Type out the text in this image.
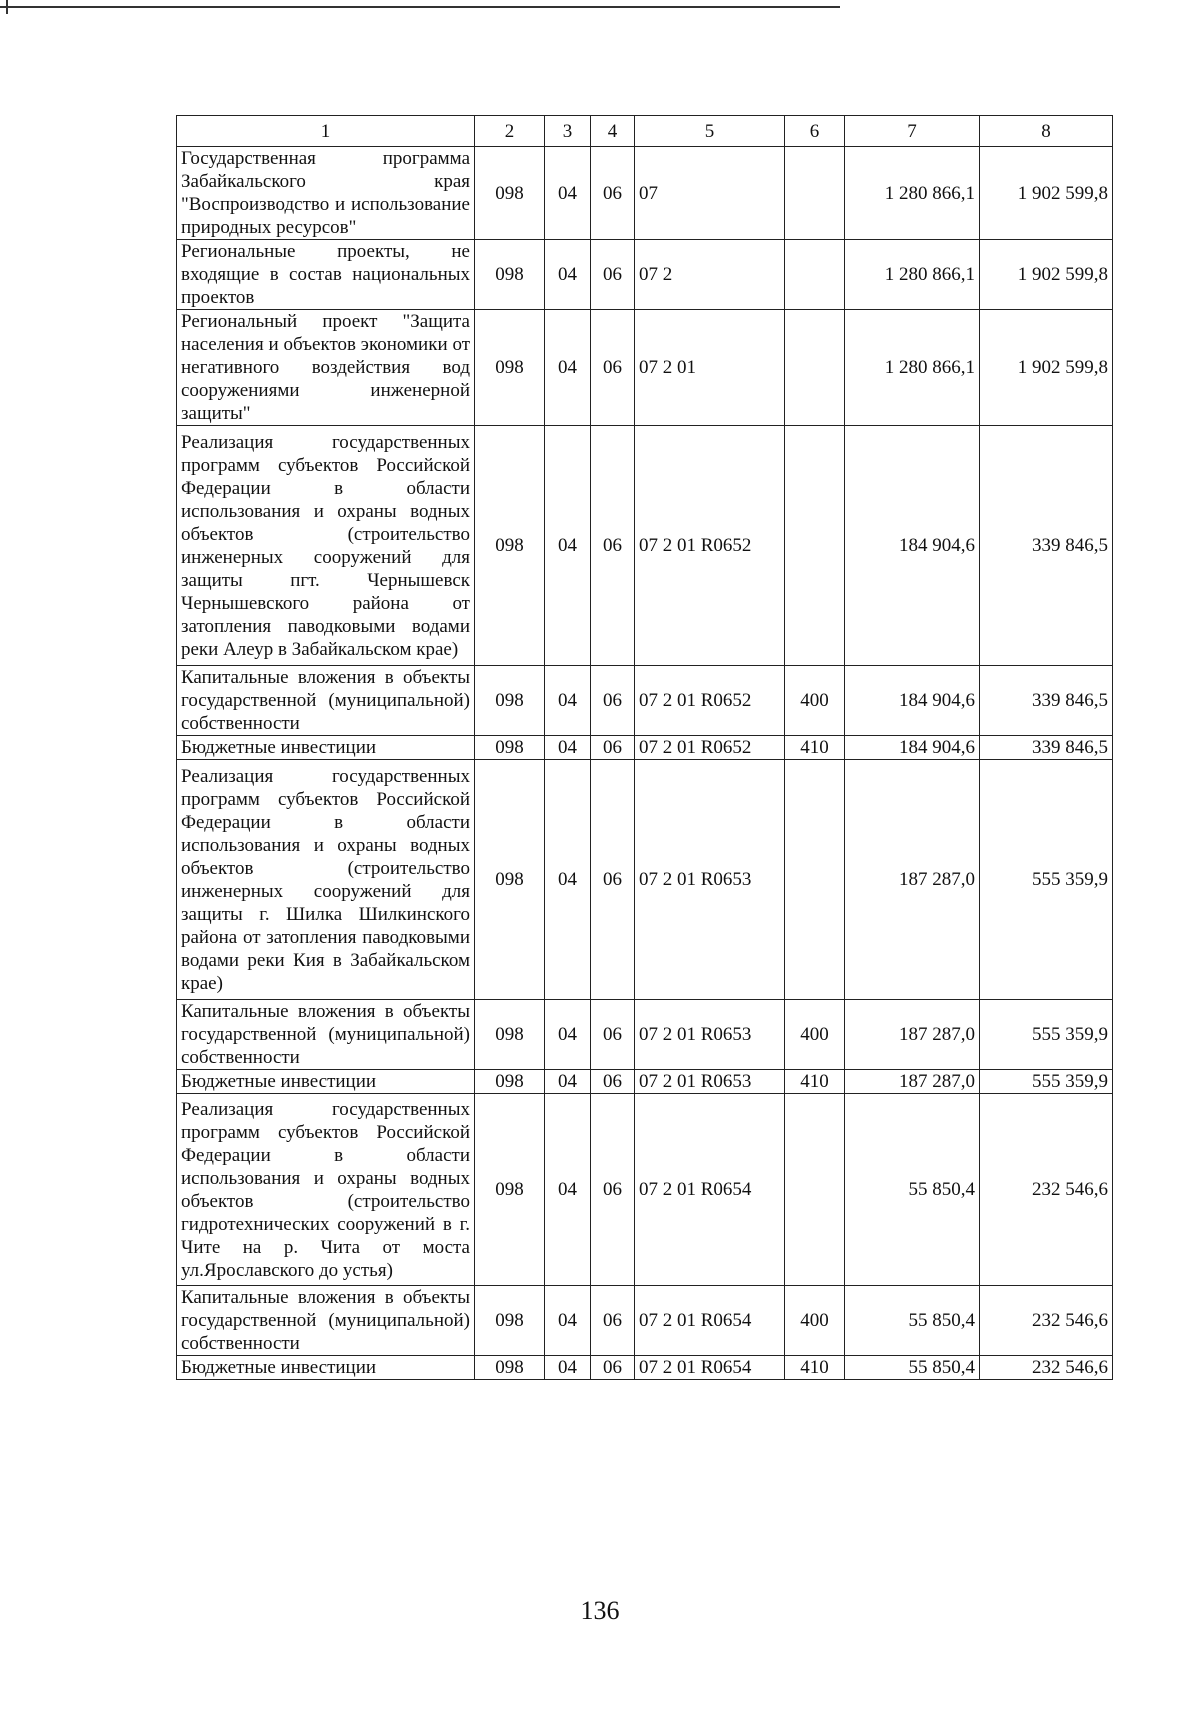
1	2	3	4	5	6	7	8
Государственная программа Забайкальского края "Воспроизводство и использование природных ресурсов"	098	04	06	07		1 280 866,1	1 902 599,8
Региональные проекты, не входящие в состав национальных проектов	098	04	06	07 2		1 280 866,1	1 902 599,8
Региональный проект "Защита населения и объектов экономики от негативного воздействия вод сооружениями инженерной защиты"	098	04	06	07 2 01		1 280 866,1	1 902 599,8
Реализация государственных программ субъектов Российской Федерации в области использования и охраны водных объектов (строительство инженерных сооружений для защиты пгт. Чернышевск Чернышевского района от затопления паводковыми водами реки Алеур в Забайкальском крае)	098	04	06	07 2 01 R0652		184 904,6	339 846,5
Капитальные вложения в объекты государственной (муниципальной) собственности	098	04	06	07 2 01 R0652	400	184 904,6	339 846,5
Бюджетные инвестиции	098	04	06	07 2 01 R0652	410	184 904,6	339 846,5
Реализация государственных программ субъектов Российской Федерации в области использования и охраны водных объектов (строительство инженерных сооружений для защиты г. Шилка Шилкинского района от затопления паводковыми водами реки Кия в Забайкальском крае)	098	04	06	07 2 01 R0653		187 287,0	555 359,9
Капитальные вложения в объекты государственной (муниципальной) собственности	098	04	06	07 2 01 R0653	400	187 287,0	555 359,9
Бюджетные инвестиции	098	04	06	07 2 01 R0653	410	187 287,0	555 359,9
Реализация государственных программ субъектов Российской Федерации в области использования и охраны водных объектов (строительство гидротехнических сооружений в г. Чите на р. Чита от моста ул.Ярославского до устья)	098	04	06	07 2 01 R0654		55 850,4	232 546,6
Капитальные вложения в объекты государственной (муниципальной) собственности	098	04	06	07 2 01 R0654	400	55 850,4	232 546,6
Бюджетные инвестиции	098	04	06	07 2 01 R0654	410	55 850,4	232 546,6
136
